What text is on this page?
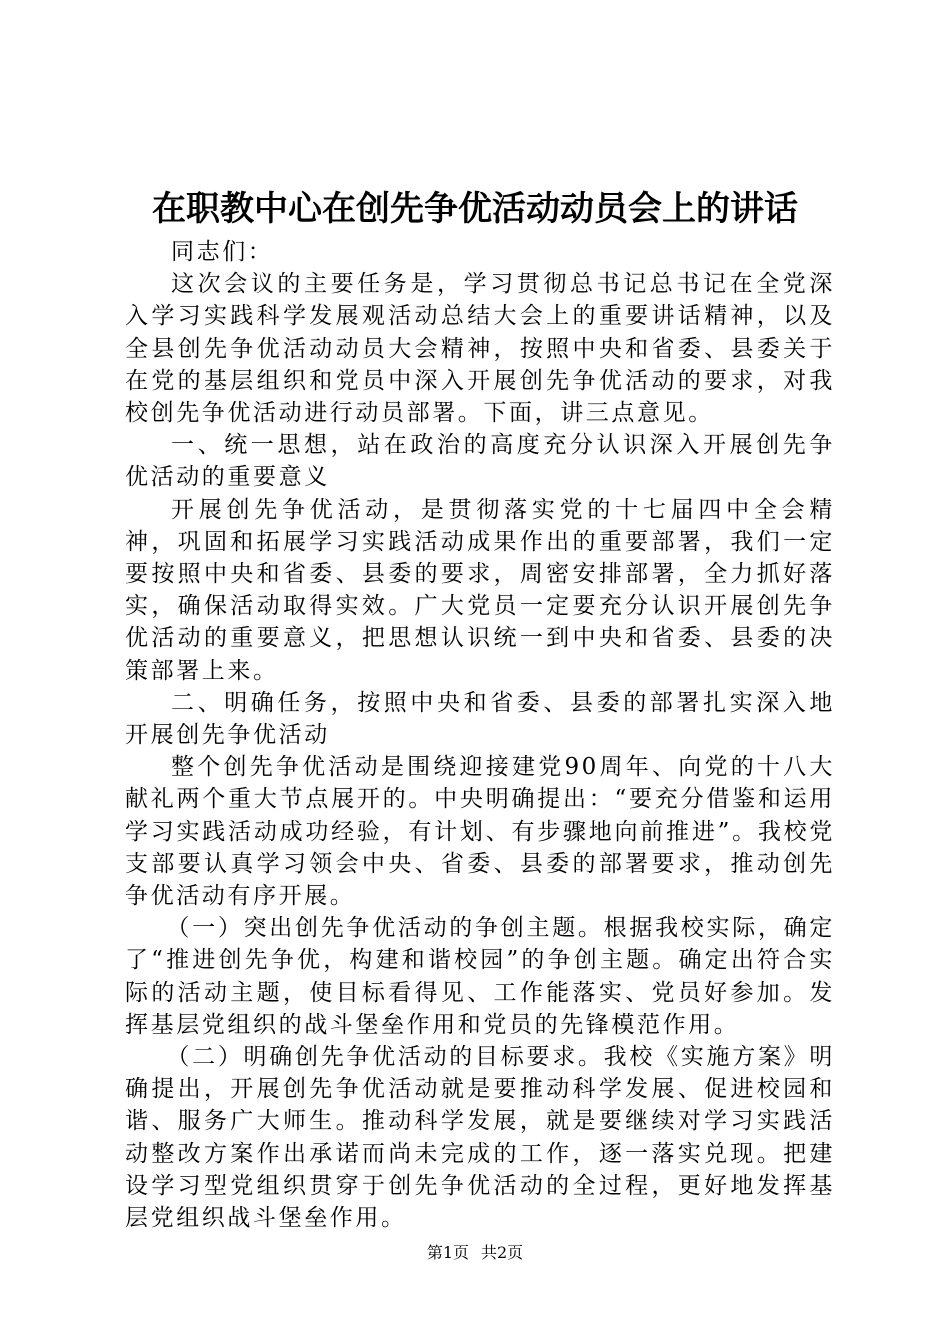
在职教中心在创先争优活动动员会上的讲话

同志们：

这次会议的主要任务是，学习贯彻总书记总书记在全党深入学习实践科学发展观活动总结大会上的重要讲话精神，以及全县创先争优活动动员大会精神，按照中央和省委、县委关于在党的基层组织和党员中深入开展创先争优活动的要求，对我校创先争优活动进行动员部署。下面，讲三点意见。

一、统一思想，站在政治的高度充分认识深入开展创先争优活动的重要意义

开展创先争优活动，是贯彻落实党的十七届四中全会精神，巩固和拓展学习实践活动成果作出的重要部署，我们一定要按照中央和省委、县委的要求，周密安排部署，全力抓好落实，确保活动取得实效。广大党员一定要充分认识开展创先争优活动的重要意义，把思想认识统一到中央和省委、县委的决策部署上来。

二、明确任务，按照中央和省委、县委的部署扎实深入地开展创先争优活动

整个创先争优活动是围绕迎接建党90周年、向党的十八大献礼两个重大节点展开的。中央明确提出：“要充分借鉴和运用学习实践活动成功经验，有计划、有步骤地向前推进”。我校党支部要认真学习领会中央、省委、县委的部署要求，推动创先争优活动有序开展。

（一）突出创先争优活动的争创主题。根据我校实际，确定了“推进创先争优，构建和谐校园”的争创主题。确定出符合实际的活动主题，使目标看得见、工作能落实、党员好参加。发挥基层党组织的战斗堡垒作用和党员的先锋模范作用。

（二）明确创先争优活动的目标要求。我校《实施方案》明确提出，开展创先争优活动就是要推动科学发展、促进校园和谐、服务广大师生。推动科学发展，就是要继续对学习实践活动整改方案作出承诺而尚未完成的工作，逐一落实兑现。把建设学习型党组织贯穿于创先争优活动的全过程，更好地发挥基层党组织战斗堡垒作用。

第1页 共2页
